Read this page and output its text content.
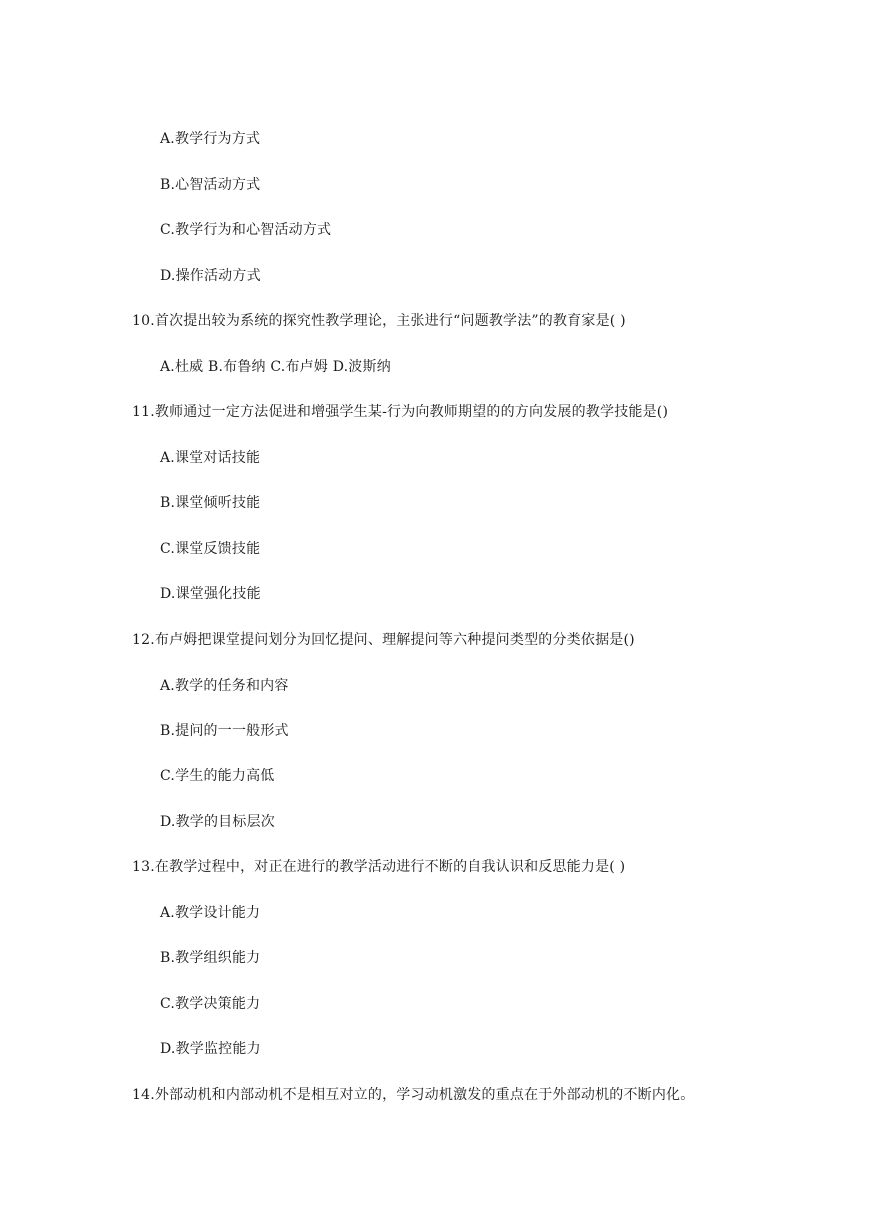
A.教学行为方式
B.心智活动方式
C.教学行为和心智活动方式
D.操作活动方式
10.首次提出较为系统的探究性教学理论，主张进行“问题教学法”的教育家是( )
A.杜威 B.布鲁纳 C.布卢姆 D.波斯纳
11.教师通过一定方法促进和增强学生某-行为向教师期望的的方向发展的教学技能是()
A.课堂对话技能
B.课堂倾听技能
C.课堂反馈技能
D.课堂强化技能
12.布卢姆把课堂提问划分为回忆提问、理解提问等六种提问类型的分类依据是()
A.教学的任务和内容
B.提问的一一般形式
C.学生的能力高低
D.教学的目标层次
13.在教学过程中，对正在进行的教学活动进行不断的自我认识和反思能力是( )
A.教学设计能力
B.教学组织能力
C.教学决策能力
D.教学监控能力
14.外部动机和内部动机不是相互对立的，学习动机激发的重点在于外部动机的不断内化。
